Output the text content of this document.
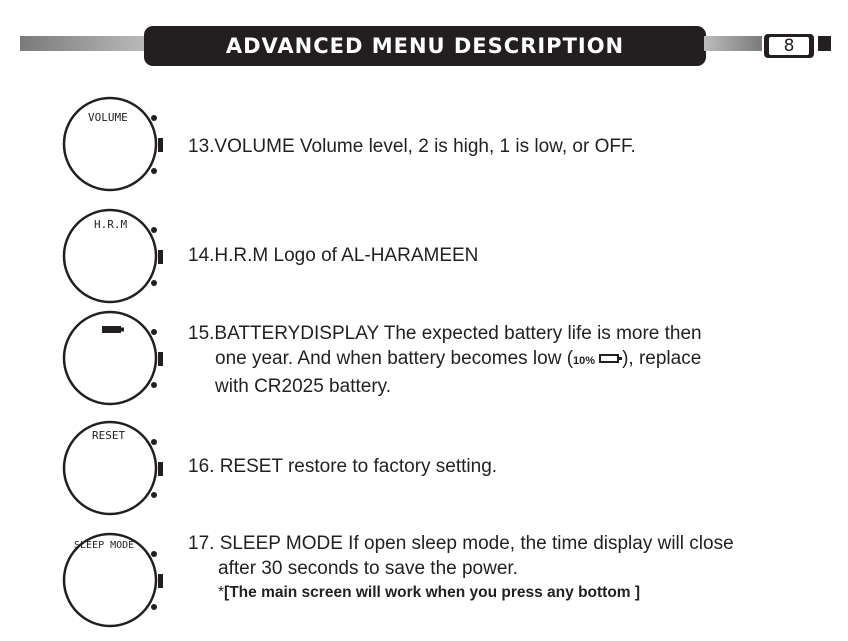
ADVANCED MENU DESCRIPTION	8
VOLUME
13.VOLUME Volume level, 2 is high, 1 is low, or OFF.
H.R.M
14.H.R.M Logo of AL-HARAMEEN
15.BATTERYDISPLAY The expected battery life is more then
one year. And when battery becomes low (10% ), replace
with CR2025 battery.
RESET
16. RESET restore to factory setting.
SLEEP MODE	17. SLEEP MODE If open sleep mode, the time display will close
after 30 seconds to save the power.
*[The main screen will work when you press any bottom ]
